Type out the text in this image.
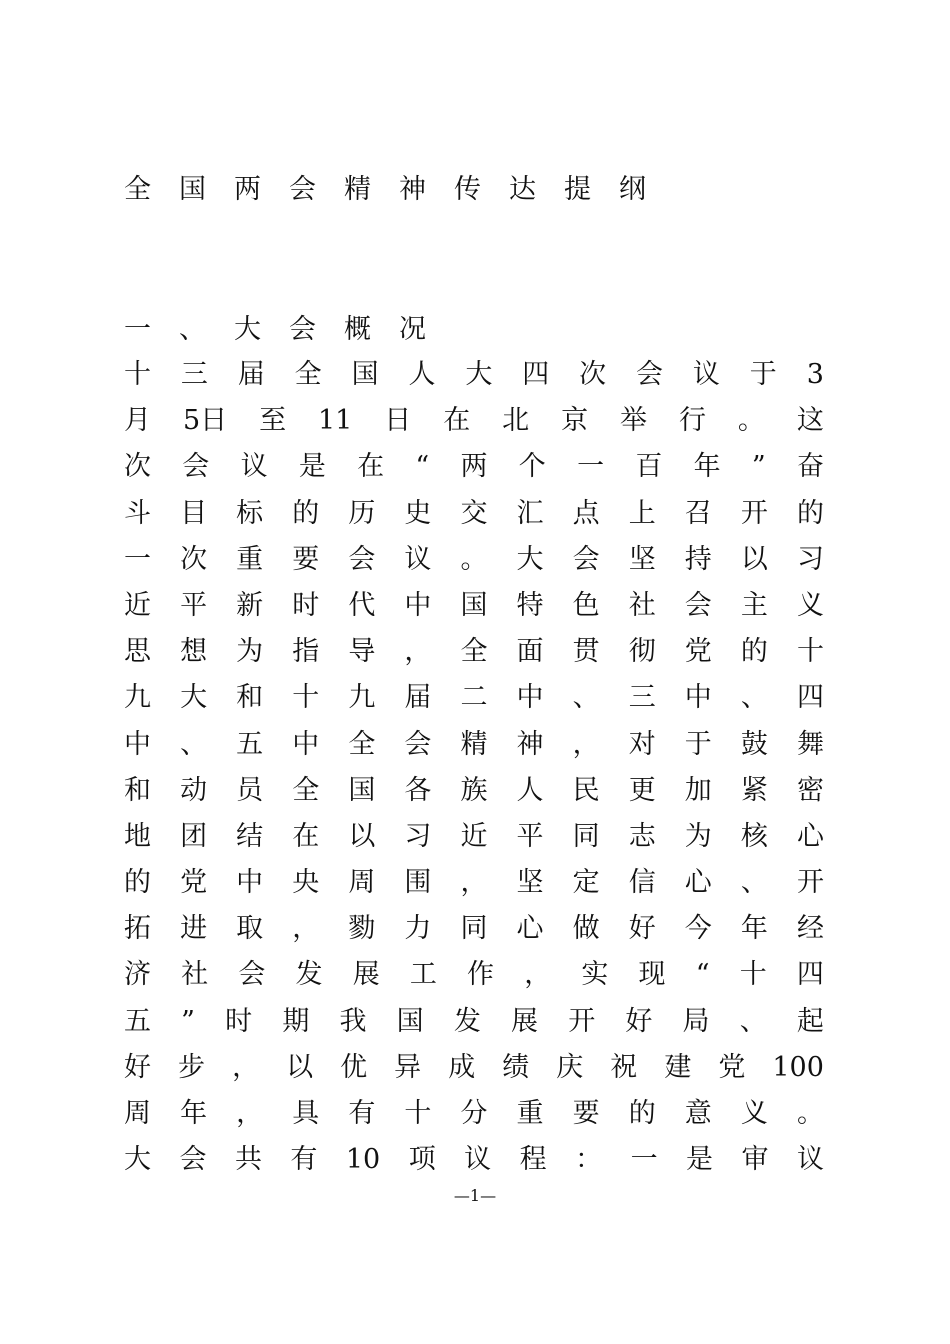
全 国 两 会 精 神 传 达 提 纲
一 、 大 会 概 况
十 三 届 全 国 人 大 四 次 会 议 于 3
月 5日 至 11 日 在 北 京 举 行 。 这
次 会 议 是 在 “ 两 个 一 百 年 ” 奋
斗 目 标 的 历 史 交 汇 点 上 召 开 的
一 次 重 要 会 议 。 大 会 坚 持 以 习
近 平 新 时 代 中 国 特 色 社 会 主 义
思 想 为 指 导 ， 全 面 贯 彻 党 的 十
九 大 和 十 九 届 二 中 、 三 中 、 四
中 、 五 中 全 会 精 神 ， 对 于 鼓 舞
和 动 员 全 国 各 族 人 民 更 加 紧 密
地 团 结 在 以 习 近 平 同 志 为 核 心
的 党 中 央 周 围 ， 坚 定 信 心 、 开
拓 进 取 ， 勠 力 同 心 做 好 今 年 经
济 社 会 发 展 工 作 ， 实 现 “ 十 四
五 ” 时 期 我 国 发 展 开 好 局 、 起
好 步 ， 以 优 异 成 绩 庆 祝 建 党 100
周 年 ， 具 有 十 分 重 要 的 意 义 。
大 会 共 有 10 项 议 程 ： 一 是 审 议
—1—
